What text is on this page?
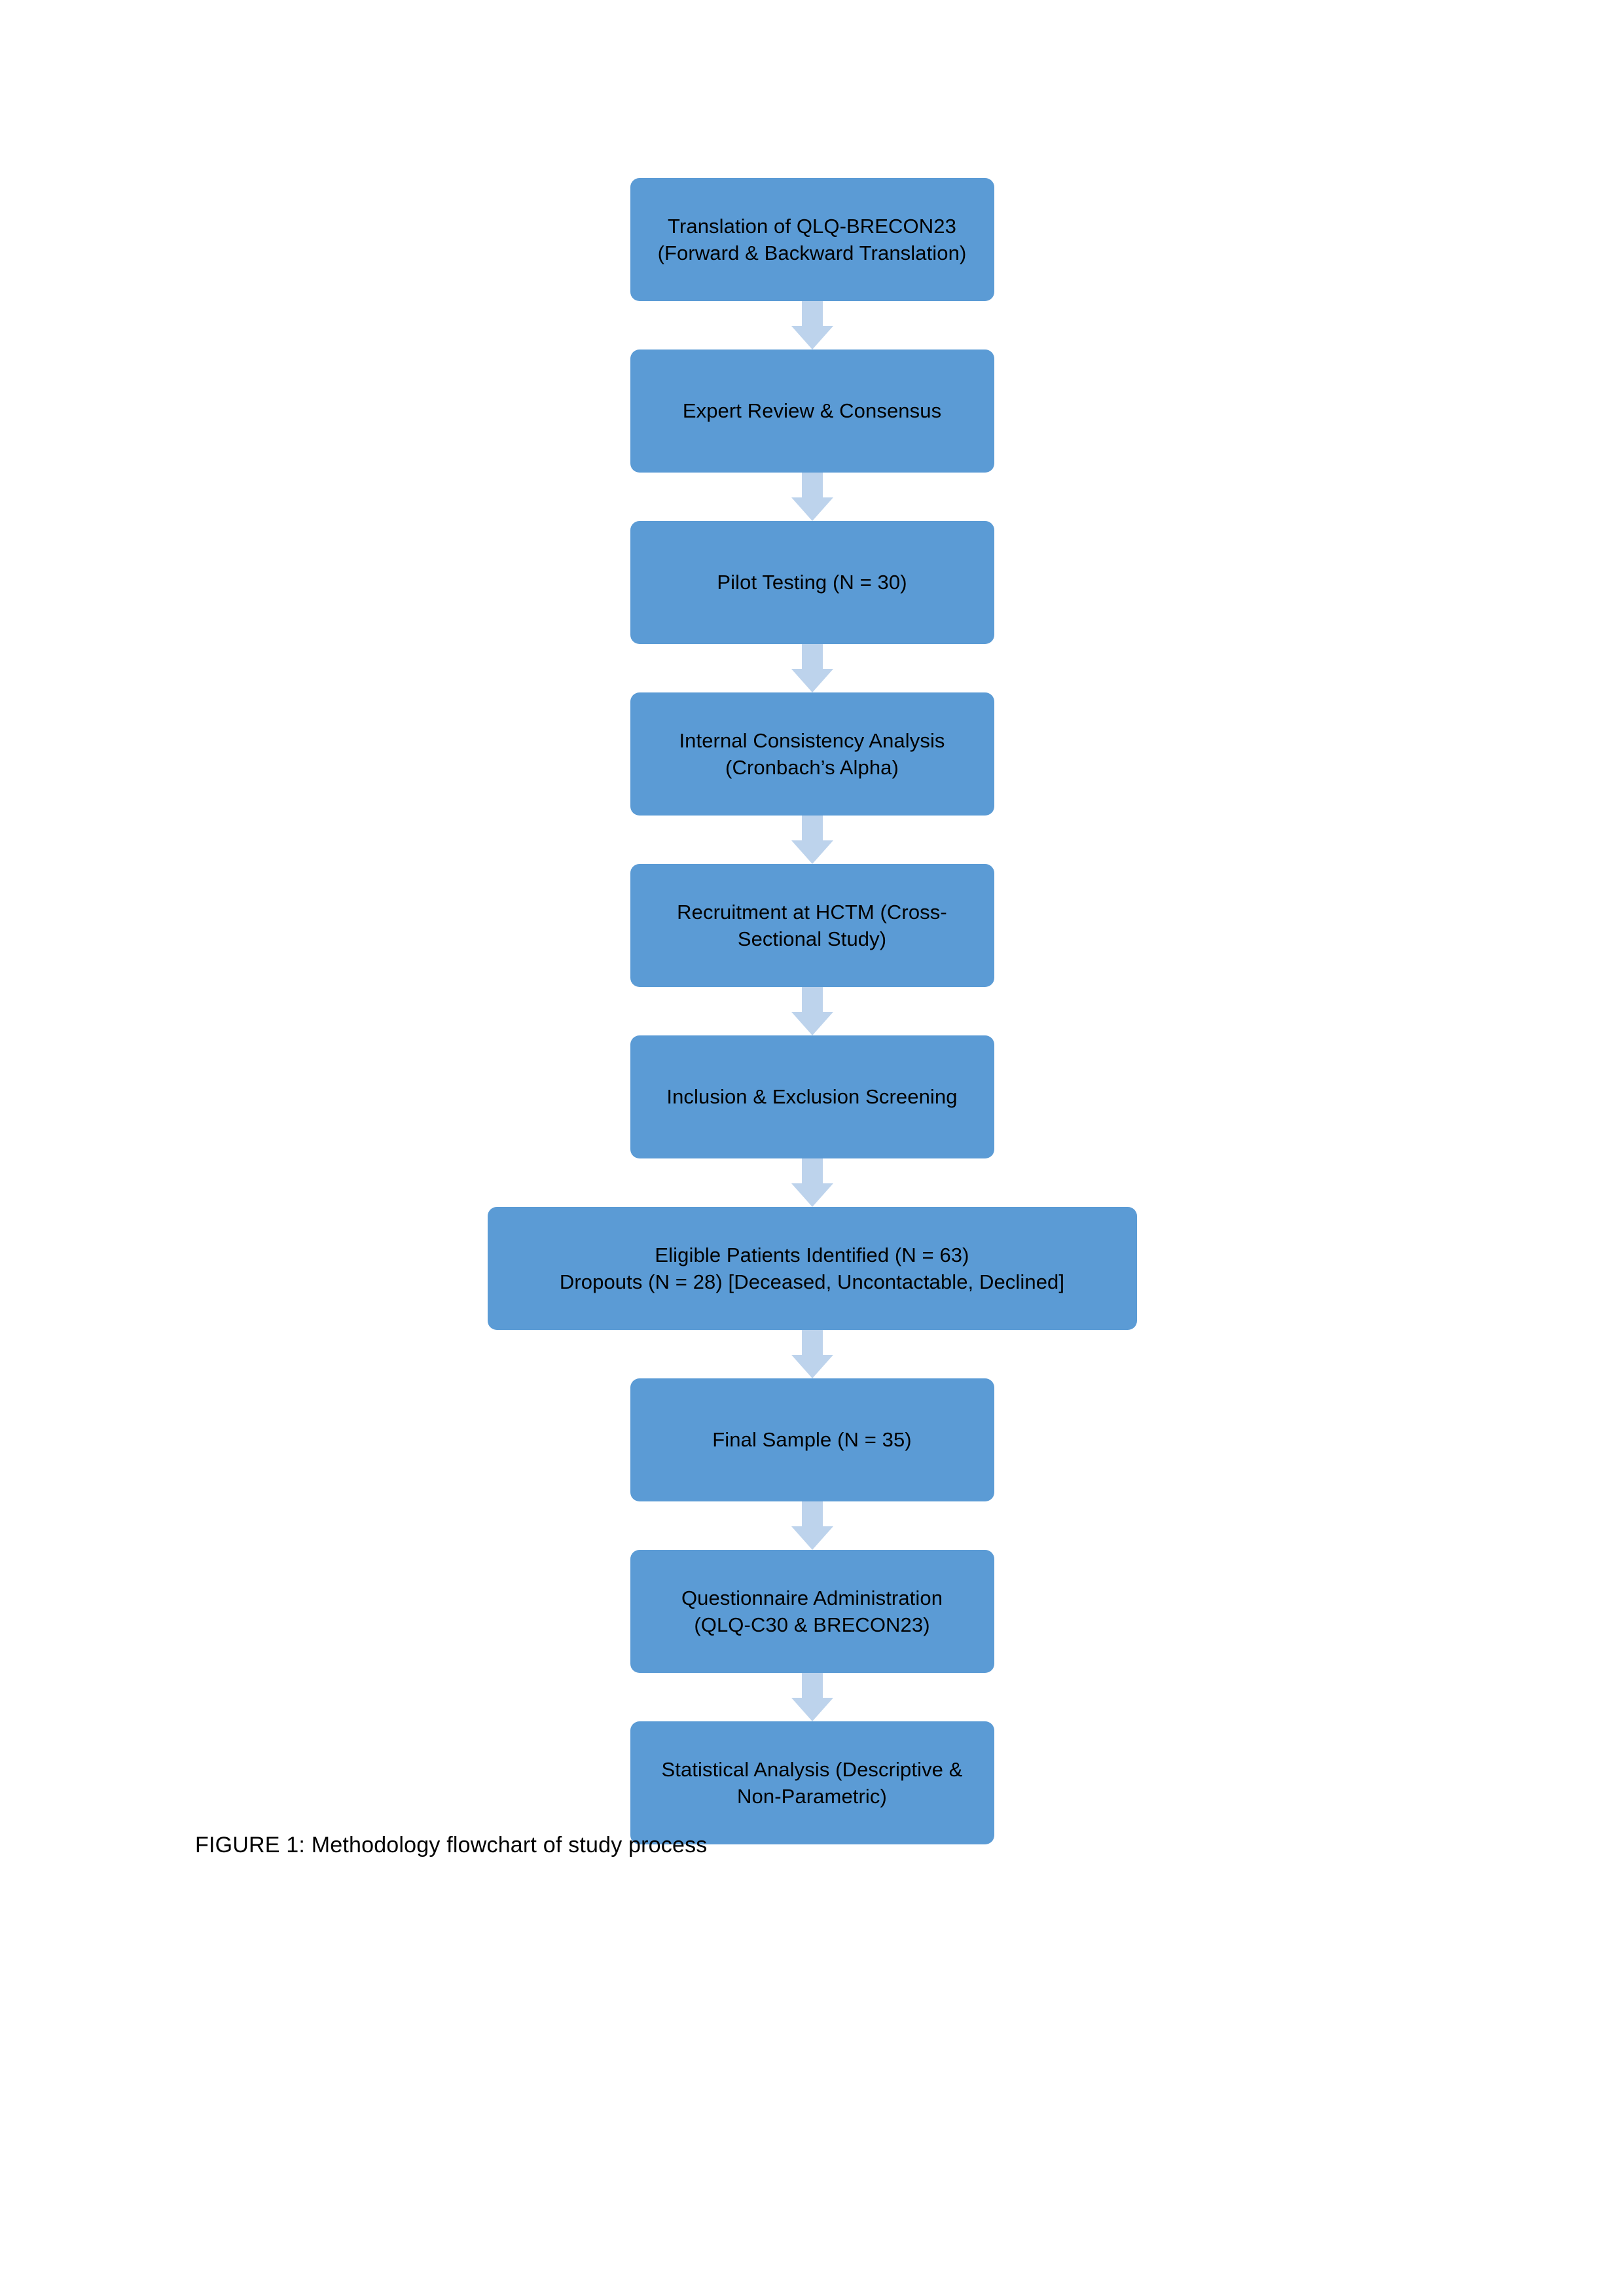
Translation of QLQ-BRECON23
(Forward & Backward Translation)
Expert Review & Consensus
Pilot Testing (N = 30)
Internal Consistency Analysis
(Cronbach’s Alpha)
Recruitment at HCTM (Cross-
Sectional Study)
Inclusion & Exclusion Screening
Eligible Patients Identified (N = 63)
Dropouts (N = 28) [Deceased, Uncontactable, Declined]
Final Sample (N = 35)
Questionnaire Administration
(QLQ-C30 & BRECON23)
Statistical Analysis (Descriptive &
Non-Parametric)
FIGURE 1: Methodology flowchart of study process
